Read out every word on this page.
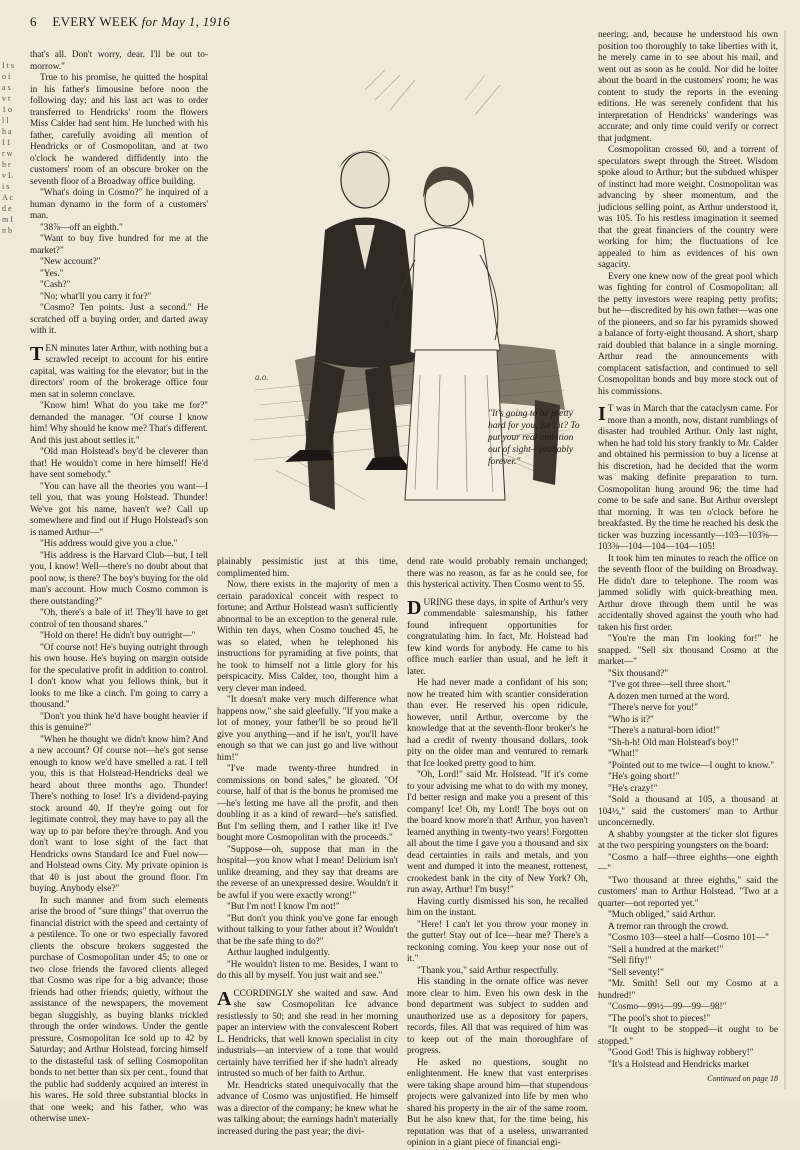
6 EVERY WEEK for May 1, 1916

that's all. Don't worry, dear. I'll be out to-morrow."

True to his promise, he quitted the hospital in his father's limousine before noon the following day; and his last act was to order transferred to Hendricks' room the flowers Miss Calder had sent him. He lunched with his father, carefully avoiding all mention of Hendricks or of Cosmopolitan, and at two o'clock he wandered diffidently into the customers' room of an obscure broker on the seventh floor of a Broadway office building.

"What's doing in Cosmo?" he inquired of a human dynamo in the form of a customers' man.

"38⅞—off an eighth."

"Want to buy five hundred for me at the market?"

"New account?"

"Yes."

"Cash?"

"No; what'll you carry it for?"

"Cosmo? Ten points. Just a second." He scratched off a buying order, and darted away with it.

TEN minutes later Arthur, with nothing but a scrawled receipt to account for his entire capital, was waiting for the elevator; but in the directors' room of the brokerage office four men sat in solemn conclave.

"Know him! What do you take me for?" demanded the manager. "Of course I know him! Why should he know me? That's different. And this just about settles it."

"Old man Holstead's boy'd be cleverer than that! He wouldn't come in here himself! He'd have sent somebody."

"You can have all the theories you want—I tell you, that was young Holstead. Thunder! We've got his name, haven't we? Call up somewhere and find out if Hugo Holstead's son is named Arthur—"

"His address would give you a clue."

"His address is the Harvard Club—but, I tell you, I know! Well—there's no doubt about that pool now, is there? The boy's buying for the old man's account. How much Cosmo common is there outstanding?"

"Oh, there's a bale of it! They'll have to get control of ten thousand shares."

"Hold on there! He didn't buy outright—"

"Of course not! He's buying outright through his own house. He's buying on margin outside for the speculative profit in addition to control. I don't know what you fellows think, but it looks to me like a cinch. I'm going to carry a thousand."

"Don't you think he'd have bought heavier if this is genuine?"

"When he thought we didn't know him? And a new account? Of course not—he's got sense enough to know we'd have smelled a rat. I tell you, this is that Holstead-Hendricks deal we heard about three months ago. Thunder! There's nothing to lose! It's a dividend-paying stock around 40. If they're going out for legitimate control, they may have to pay all the way up to par before they're through. And you don't want to lose sight of the fact that Hendricks owns Standard Ice and Fuel now—and Holstead owns City. My private opinion is that 40 is just about the ground floor. I'm buying. Anybody else?"

In such manner and from such elements arise the brood of "sure things" that overrun the financial district with the speed and certainty of a pestilence. To one or two especially favored clients the obscure brokers suggested the purchase of Cosmopolitan under 45; to one or two close friends the favored clients alleged that Cosmo was ripe for a big advance; those friends had other friends; quietly, without the assistance of the newspapers, the movement began sluggishly, as buying blanks trickled through the order windows. Under the gentle pressure, Cosmopolitan Ice sold up to 42 by Saturday; and Arthur Holstead, forcing himself to the distasteful task of selling Cosmopolitan bonds to net better than six per cent., found that the public had suddenly acquired an interest in his wares. He sold three substantial blocks in that one week; and his father, who was otherwise unex-

a.o.
"It's going to be pretty hard for you, isn't it? To put your real ambition out of sight—probably forever."

plainably pessimistic just at this time, complimented him.

Now, there exists in the majority of men a certain paradoxical conceit with respect to fortune; and Arthur Holstead wasn't sufficiently abnormal to be an exception to the general rule. Within ten days, when Cosmo touched 45, he was so elated, when he telephoned his instructions for pyramiding at five points, that he took to himself not a little glory for his perspicacity. Miss Calder, too, thought him a very clever man indeed.

"It doesn't make very much difference what happens now," she said gleefully. "If you make a lot of money, your father'll be so proud he'll give you anything—and if he isn't, you'll have enough so that we can just go and live without him!"

"I've made twenty-three hundred in commissions on bond sales," he gloated. "Of course, half of that is the bonus he promised me—he's letting me have all the profit, and then doubling it as a kind of reward—he's satisfied. But I'm selling them, and I rather like it! I've bought more Cosmopolitan with the proceeds."

"Suppose—oh, suppose that man in the hospital—you know what I mean! Delirium isn't unlike dreaming, and they say that dreams are the reverse of an unexpressed desire. Wouldn't it be awful if you were exactly wrong!"

"But I'm not! I know I'm not!"

"But don't you think you've gone far enough without talking to your father about it? Wouldn't that be the safe thing to do?"

Arthur laughed indulgently.

"He wouldn't listen to me. Besides, I want to do this all by myself. You just wait and see."

ACCORDINGLY she waited and saw. And she saw Cosmopolitan Ice advance resistlessly to 50; and she read in her morning paper an interview with the convalescent Robert L. Hendricks, that well known specialist in city industrials—an interview of a tone that would certainly have terrified her if she hadn't already intrusted so much of her faith to Arthur.

Mr. Hendricks stated unequivocally that the advance of Cosmo was unjustified. He himself was a director of the company; he knew what he was talking about; the earnings hadn't materially increased during the past year; the divi-

dend rate would probably remain unchanged; there was no reason, as far as he could see, for this hysterical activity. Then Cosmo went to 55.

DURING these days, in spite of Arthur's very commendable salesmanship, his father found infrequent opportunities for congratulating him. In fact, Mr. Holstead had few kind words for anybody. He came to his office much earlier than usual, and he left it later.

He had never made a confidant of his son; now he treated him with scantier consideration than ever. He reserved his open ridicule, however, until Arthur, overcome by the knowledge that at the seventh-floor broker's he had a credit of twenty thousand dollars, took pity on the older man and ventured to remark that Ice looked pretty good to him.

"Oh, Lord!" said Mr. Holstead. "If it's come to your advising me what to do with my money, I'd better resign and make you a present of this company! Ice! Oh, my Lord! The boys out on the board know more'n that! Arthur, you haven't learned anything in twenty-two years! Forgotten all about the time I gave you a thousand and six dead certainties in rails and metals, and you went and dumped it into the meanest, rottenest, crookedest bank in the city of New York? Oh, run away, Arthur! I'm busy!"

Having curtly dismissed his son, he recalled him on the instant.

"Here! I can't let you throw your money in the gutter! Stay out of Ice—hear me? There's a reckoning coming. You keep your nose out of it."

"Thank you," said Arthur respectfully.

His standing in the ornate office was never more clear to him. Even his own desk in the bond department was subject to sudden and unauthorized use as a depository for papers, records, files. All that was required of him was to keep out of the main thoroughfare of progress.

He asked no questions, sought no enlightenment. He knew that vast enterprises were taking shape around him—that stupendous projects were galvanized into life by men who shared his property in the air of the same room. But he also knew that, for the time being, his reputation was that of a useless, unwarranted opinion in a giant piece of financial engi-

neering; and, because he understood his own position too thoroughly to take liberties with it, he merely came in to see about his mail, and went out as soon as he could. Nor did he loiter about the board in the customers' room; he was content to study the reports in the evening editions. He was serenely confident that his interpretation of Hendricks' wanderings was accurate; and only time could verify or correct that judgment.

Cosmopolitan crossed 60, and a torrent of speculators swept through the Street. Wisdom spoke aloud to Arthur; but the subdued whisper of instinct had more weight. Cosmopolitan was advancing by sheer momentum, and the judicious selling point, as Arthur understood it, was 105. To his restless imagination it seemed that the great financiers of the country were working for him; the fluctuations of Ice appealed to him as evidences of his own sagacity.

Every one knew now of the great pool which was fighting for control of Cosmopolitan; all the petty investors were reaping petty profits; but he—discredited by his own father—was one of the pioneers, and so far his pyramids showed a balance of forty-eight thousand. A short, sharp raid doubled that balance in a single morning. Arthur read the announcements with complacent satisfaction, and continued to sell Cosmopolitan bonds and buy more stock out of his commissions.

I T was in March that the cataclysm came. For more than a month, now, distant rumblings of disaster had troubled Arthur. Only last night, when he had told his story frankly to Mr. Calder and obtained his permission to buy a license at his discretion, had he decided that the worm was making definite preparation to turn. Cosmopolitan hung around 96; the time had come to be safe and sane. But Arthur overslept that morning. It was ten o'clock before he breakfasted. By the time he reached his desk the ticker was buzzing incessantly—103—103⅝—103⅜—104—104—104—105!

It took him ten minutes to reach the office on the seventh floor of the building on Broadway. He didn't dare to telephone. The room was jammed solidly with quick-breathing men. Arthur drove through them until he was accidentally shoved against the youth who had taken his first order.

"You're the man I'm looking for!" he snapped. "Sell six thousand Cosmo at the market—"

"Six thousand?"

"I've got three—sell three short."

A dozen men turned at the word.

"There's nerve for you!"

"Who is it?"

"There's a natural-born idiot!"

"Sh-h-h! Old man Holstead's boy!"

"What!"

"Pointed out to me twice—I ought to know."

"He's going short!"

"He's crazy!"

"Sold a thousand at 105, a thousand at 104½," said the customers' man to Arthur unconcernedly.

A shabby youngster at the ticker slot figures at the two perspiring youngsters on the board:

"Cosmo a half—three eighths—one eighth—"

"Two thousand at three eighths," said the customers' man to Arthur Holstead. "Two at a quarter—not reported yet."

"Much obliged," said Arthur.

A tremor ran through the crowd.

"Cosmo 103—steel a half—Cosmo 101—"

"Sell a hundred at the market!"

"Sell fifty!"

"Sell seventy!"

"Mr. Smith! Sell out my Cosmo at a hundred!"

"Cosmo—99½—99—99—98!"

"The pool's shot to pieces!"

"It ought to be stopped—it ought to be stopped."

"Good God! This is highway robbery!"

"It's a Holstead and Hendricks market

Continued on page 18
I t s o i a s v t 1 o l l h a I 1 r w h r v L i s A c d e m I n b
